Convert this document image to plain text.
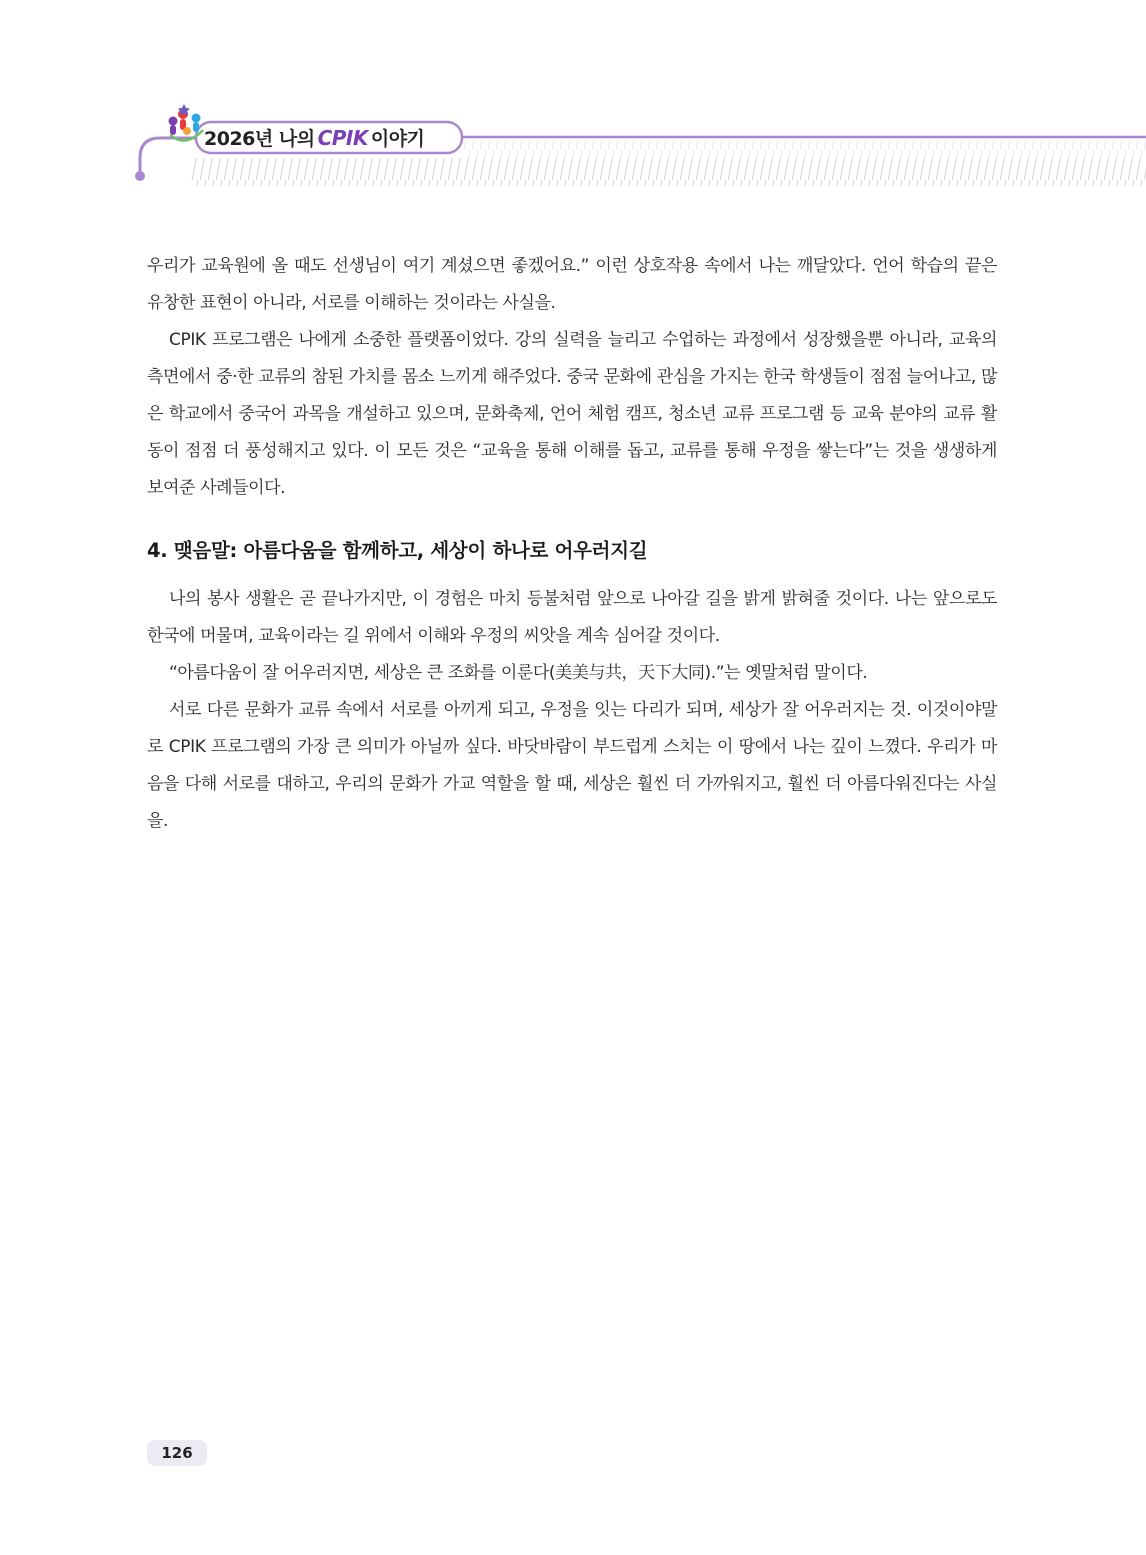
2026년 나의 CPIK 이야기

우리가 교육원에 올 때도 선생님이 여기 계셨으면 좋겠어요.” 이런 상호작용 속에서 나는 깨달았다. 언어 학습의 끝은 유창한 표현이 아니라, 서로를 이해하는 것이라는 사실을.

CPIK 프로그램은 나에게 소중한 플랫폼이었다. 강의 실력을 늘리고 수업하는 과정에서 성장했을뿐 아니라, 교육의 측면에서 중·한 교류의 참된 가치를 몸소 느끼게 해주었다. 중국 문화에 관심을 가지는 한국 학생들이 점점 늘어나고, 많은 학교에서 중국어 과목을 개설하고 있으며, 문화축제, 언어 체험 캠프, 청소년 교류 프로그램 등 교육 분야의 교류 활동이 점점 더 풍성해지고 있다. 이 모든 것은 “교육을 통해 이해를 돕고, 교류를 통해 우정을 쌓는다”는 것을 생생하게 보여준 사례들이다.

4. 맺음말: 아름다움을 함께하고, 세상이 하나로 어우러지길

나의 봉사 생활은 곧 끝나가지만, 이 경험은 마치 등불처럼 앞으로 나아갈 길을 밝게 밝혀줄 것이다. 나는 앞으로도 한국에 머물며, 교육이라는 길 위에서 이해와 우정의 씨앗을 계속 심어갈 것이다.

“아름다움이 잘 어우러지면, 세상은 큰 조화를 이룬다(美美与共，天下大同).”는 옛말처럼 말이다.

서로 다른 문화가 교류 속에서 서로를 아끼게 되고, 우정을 잇는 다리가 되며, 세상가 잘 어우러지는 것. 이것이야말로 CPIK 프로그램의 가장 큰 의미가 아닐까 싶다. 바닷바람이 부드럽게 스치는 이 땅에서 나는 깊이 느꼈다. 우리가 마음을 다해 서로를 대하고, 우리의 문화가 가교 역할을 할 때, 세상은 훨씬 더 가까워지고, 훨씬 더 아름다워진다는 사실을.

126
